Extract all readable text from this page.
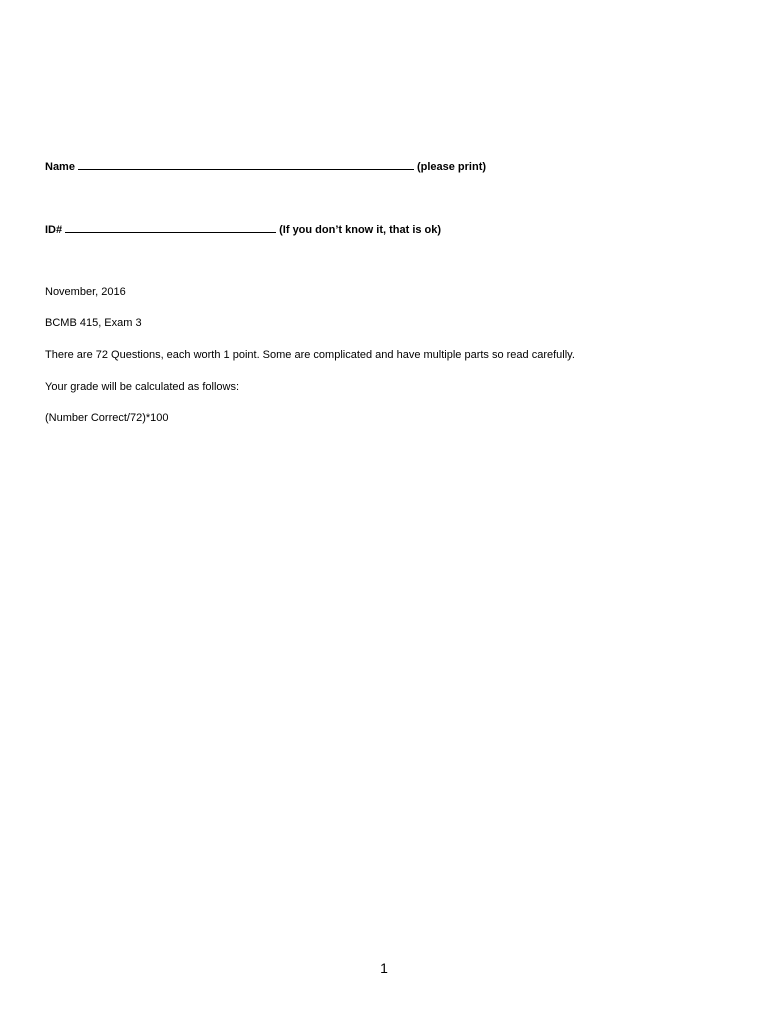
Name	(please print)
ID#	(If you don’t know it, that is ok)
November, 2016
BCMB 415, Exam 3
There are 72 Questions, each worth 1 point. Some are complicated and have multiple parts so read carefully.
Your grade will be calculated as follows:
(Number Correct/72)*100
1
